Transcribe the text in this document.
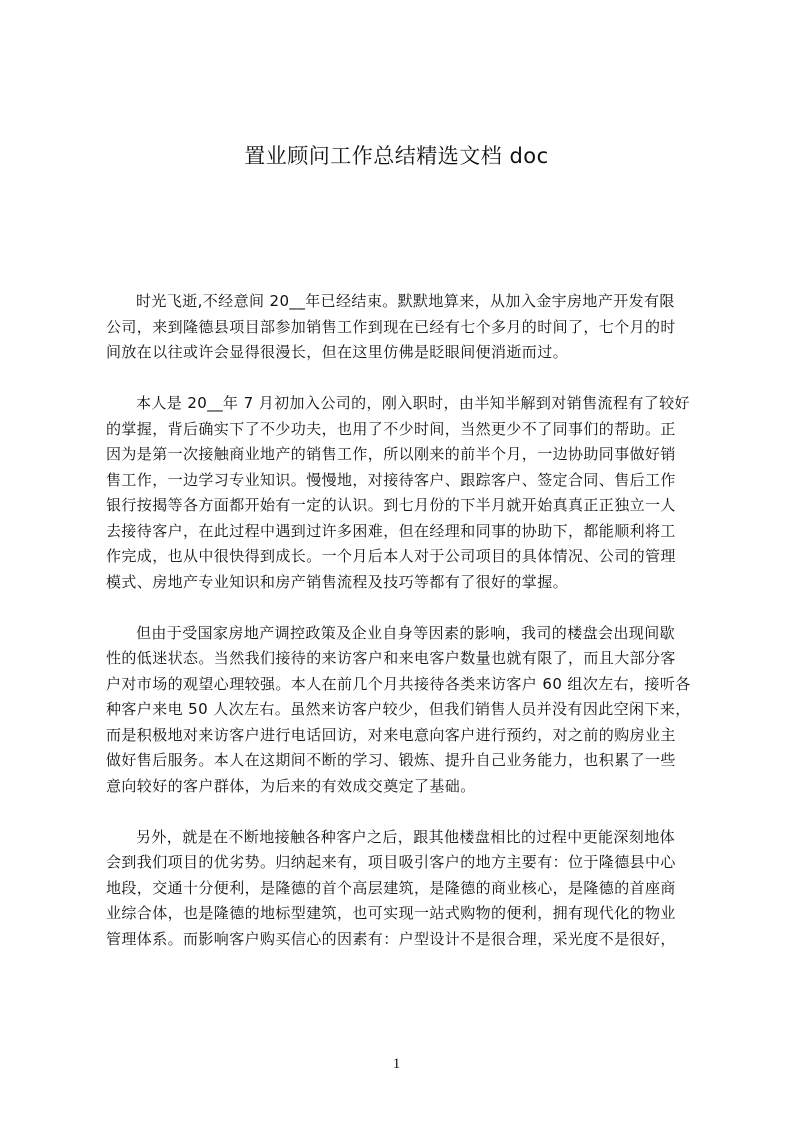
置业顾问工作总结精选文档 doc
时光飞逝,不经意间 20__年已经结束。默默地算来，从加入金宇房地产开发有限
公司，来到隆德县项目部参加销售工作到现在已经有七个多月的时间了，七个月的时
间放在以往或许会显得很漫长，但在这里仿佛是眨眼间便消逝而过。
本人是 20__年 7 月初加入公司的，刚入职时，由半知半解到对销售流程有了较好
的掌握，背后确实下了不少功夫，也用了不少时间，当然更少不了同事们的帮助。正
因为是第一次接触商业地产的销售工作，所以刚来的前半个月，一边协助同事做好销
售工作，一边学习专业知识。慢慢地，对接待客户、跟踪客户、签定合同、售后工作
银行按揭等各方面都开始有一定的认识。到七月份的下半月就开始真真正正独立一人
去接待客户，在此过程中遇到过许多困难，但在经理和同事的协助下，都能顺利将工
作完成，也从中很快得到成长。一个月后本人对于公司项目的具体情况、公司的管理
模式、房地产专业知识和房产销售流程及技巧等都有了很好的掌握。
但由于受国家房地产调控政策及企业自身等因素的影响，我司的楼盘会出现间歇
性的低迷状态。当然我们接待的来访客户和来电客户数量也就有限了，而且大部分客
户对市场的观望心理较强。本人在前几个月共接待各类来访客户 60 组次左右，接听各
种客户来电 50 人次左右。虽然来访客户较少，但我们销售人员并没有因此空闲下来，
而是积极地对来访客户进行电话回访，对来电意向客户进行预约，对之前的购房业主
做好售后服务。本人在这期间不断的学习、锻炼、提升自己业务能力，也积累了一些
意向较好的客户群体，为后来的有效成交奠定了基础。
另外，就是在不断地接触各种客户之后，跟其他楼盘相比的过程中更能深刻地体
会到我们项目的优劣势。归纳起来有，项目吸引客户的地方主要有：位于隆德县中心
地段，交通十分便利，是隆德的首个高层建筑，是隆德的商业核心，是隆德的首座商
业综合体，也是隆德的地标型建筑，也可实现一站式购物的便利，拥有现代化的物业
管理体系。而影响客户购买信心的因素有：户型设计不是很合理，采光度不是很好，
1
